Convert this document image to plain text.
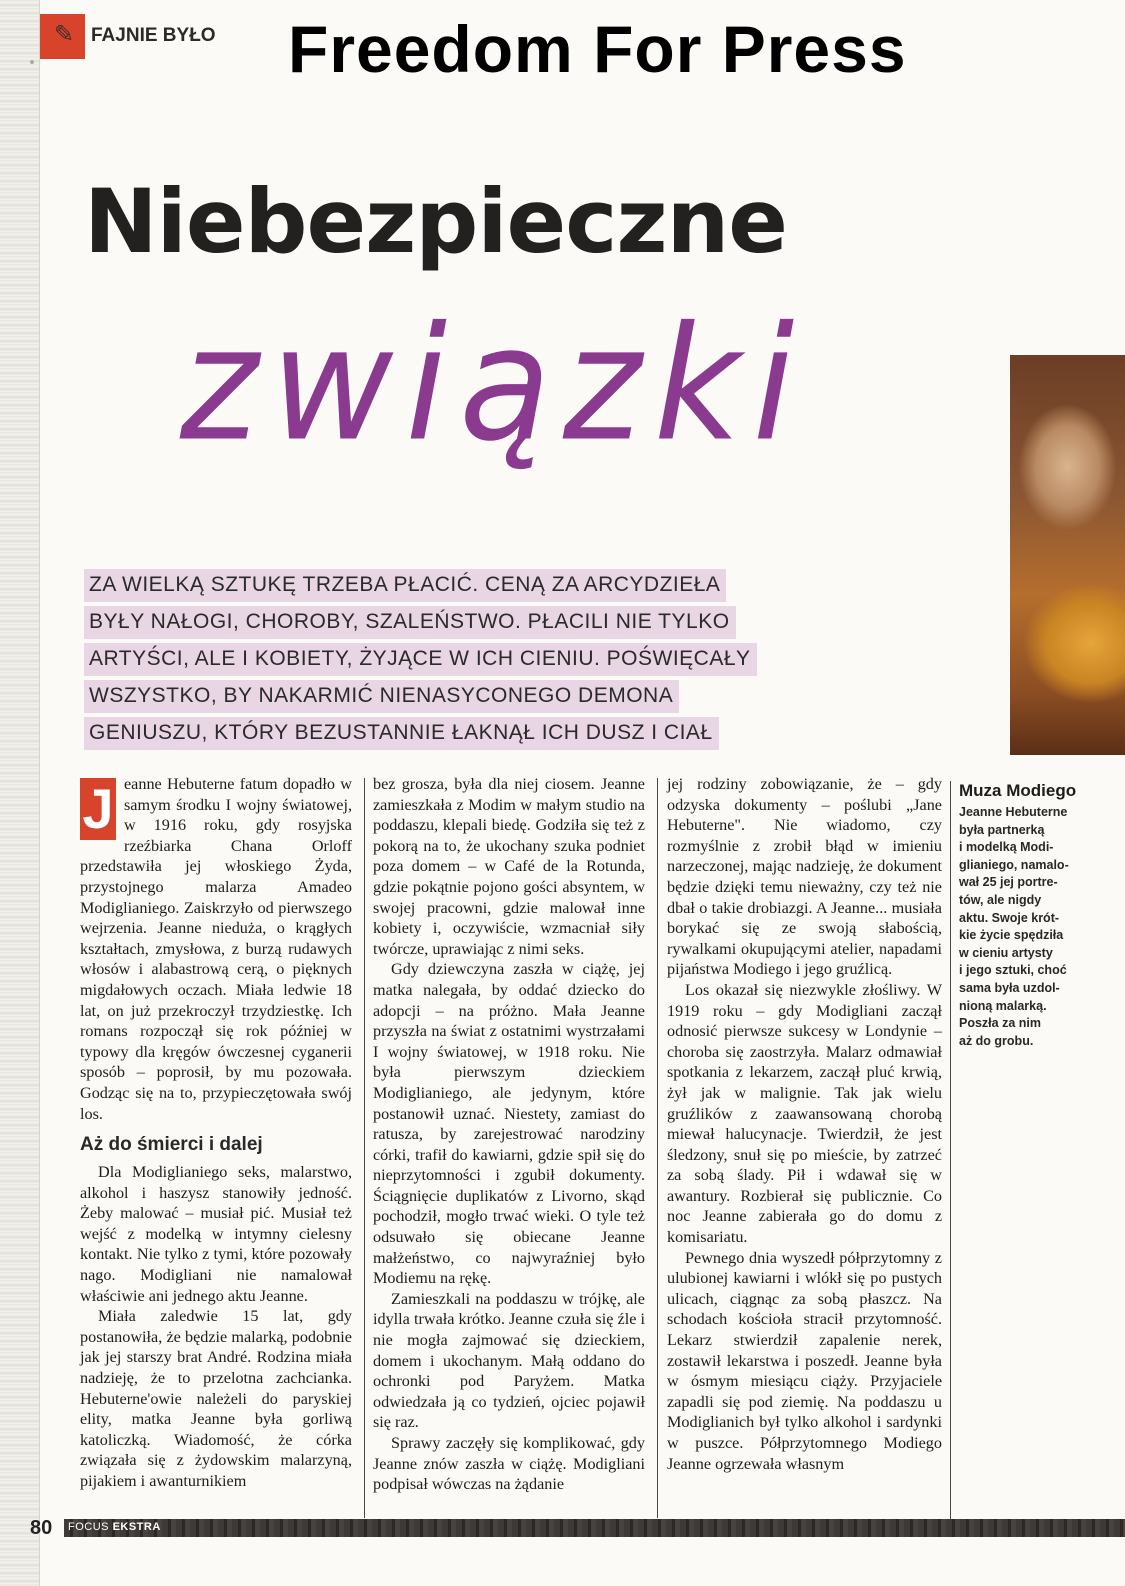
✎ FAJNIE BYŁO Freedom For Press
Niebezpieczne
związki
ZA WIELKĄ SZTUKĘ TRZEBA PŁACIĆ. CENĄ ZA ARCYDZIEŁA
BYŁY NAŁOGI, CHOROBY, SZALEŃSTWO. PŁACILI NIE TYLKO
ARTYŚCI, ALE I KOBIETY, ŻYJĄCE W ICH CIENIU. POŚWIĘCAŁY
WSZYSTKO, BY NAKARMIĆ NIENASYCONEGO DEMONA
GENIUSZU, KTÓRY BEZUSTANNIE ŁAKNĄŁ ICH DUSZ I CIAŁ
J eanne Hebuterne fatum dopadło w samym środku I wojny światowej, w 1916 roku, gdy rosyjska rzeźbiarka Chana Orloff przedstawiła jej włoskiego Żyda, przystojnego malarza Amadeo Modiglianiego. Zaiskrzyło od pierwszego wejrzenia. Jeanne nieduża, o krągłych kształtach, zmysłowa, z burzą rudawych włosów i alabastrową cerą, o pięknych migdałowych oczach. Miała ledwie 18 lat, on już przekroczył trzydziestkę. Ich romans rozpoczął się rok później w typowy dla kręgów ówczesnej cyganerii sposób – poprosił, by mu pozowała. Godząc się na to, przypieczętowała swój los.

Aż do śmierci i dalej

Dla Modiglianiego seks, malarstwo, alkohol i haszysz stanowiły jedność. Żeby malować – musiał pić. Musiał też wejść z modelką w intymny cielesny kontakt. Nie tylko z tymi, które pozowały nago. Modigliani nie namalował właściwie ani jednego aktu Jeanne.

Miała zaledwie 15 lat, gdy postanowiła, że będzie malarką, podobnie jak jej starszy brat André. Rodzina miała nadzieję, że to przelotna zachcianka. Hebuterne'owie należeli do paryskiej elity, matka Jeanne była gorliwą katoliczką. Wiadomość, że córka związała się z żydowskim malarzyną, pijakiem i awanturnikiem

bez grosza, była dla niej ciosem. Jeanne zamieszkała z Modim w małym studio na poddaszu, klepali biedę. Godziła się też z pokorą na to, że ukochany szuka podniet poza domem – w Café de la Rotunda, gdzie pokątnie pojono gości absyntem, w swojej pracowni, gdzie malował inne kobiety i, oczywiście, wzmacniał siły twórcze, uprawiając z nimi seks.

Gdy dziewczyna zaszła w ciążę, jej matka nalegała, by oddać dziecko do adopcji – na próżno. Mała Jeanne przyszła na świat z ostatnimi wystrzałami I wojny światowej, w 1918 roku. Nie była pierwszym dzieckiem Modiglianiego, ale jedynym, które postanowił uznać. Niestety, zamiast do ratusza, by zarejestrować narodziny córki, trafił do kawiarni, gdzie spił się do nieprzytomności i zgubił dokumenty. Ściągnięcie duplikatów z Livorno, skąd pochodził, mogło trwać wieki. O tyle też odsuwało się obiecane Jeanne małżeństwo, co najwyraźniej było Modiemu na rękę.

Zamieszkali na poddaszu w trójkę, ale idylla trwała krótko. Jeanne czuła się źle i nie mogła zajmować się dzieckiem, domem i ukochanym. Małą oddano do ochronki pod Paryżem. Matka odwiedzała ją co tydzień, ojciec pojawił się raz.

Sprawy zaczęły się komplikować, gdy Jeanne znów zaszła w ciążę. Modigliani podpisał wówczas na żądanie

jej rodziny zobowiązanie, że – gdy odzyska dokumenty – poślubi „Jane Hebuterne". Nie wiadomo, czy rozmyślnie z zrobił błąd w imieniu narzeczonej, mając nadzieję, że dokument będzie dzięki temu nieważny, czy też nie dbał o takie drobiazgi. A Jeanne... musiała borykać się ze swoją słabością, rywalkami okupującymi atelier, napadami pijaństwa Modiego i jego gruźlicą.

Los okazał się niezwykle złośliwy. W 1919 roku – gdy Modigliani zaczął odnosić pierwsze sukcesy w Londynie – choroba się zaostrzyła. Malarz odmawiał spotkania z lekarzem, zaczął pluć krwią, żył jak w malignie. Tak jak wielu gruźlików z zaawansowaną chorobą miewał halucynacje. Twierdził, że jest śledzony, snuł się po mieście, by zatrzeć za sobą ślady. Pił i wdawał się w awantury. Rozbierał się publicznie. Co noc Jeanne zabierała go do domu z komisariatu.

Pewnego dnia wyszedł półprzytomny z ulubionej kawiarni i wlókł się po pustych ulicach, ciągnąc za sobą płaszcz. Na schodach kościoła stracił przytomność. Lekarz stwierdził zapalenie nerek, zostawił lekarstwa i poszedł. Jeanne była w ósmym miesiącu ciąży. Przyjaciele zapadli się pod ziemię. Na poddaszu u Modiglianich był tylko alkohol i sardynki w puszce. Półprzytomnego Modiego Jeanne ogrzewała własnym

Muza Modiego
Jeanne Hebuterne
była partnerką
i modelką Modi-
glianiego, namalo-
wał 25 jej portre-
tów, ale nigdy
aktu. Swoje krót-
kie życie spędziła
w cieniu artysty
i jego sztuki, choć
sama była uzdol-
nioną malarką.
Poszła za nim
aż do grobu.
80 FOCUS EKSTRA
